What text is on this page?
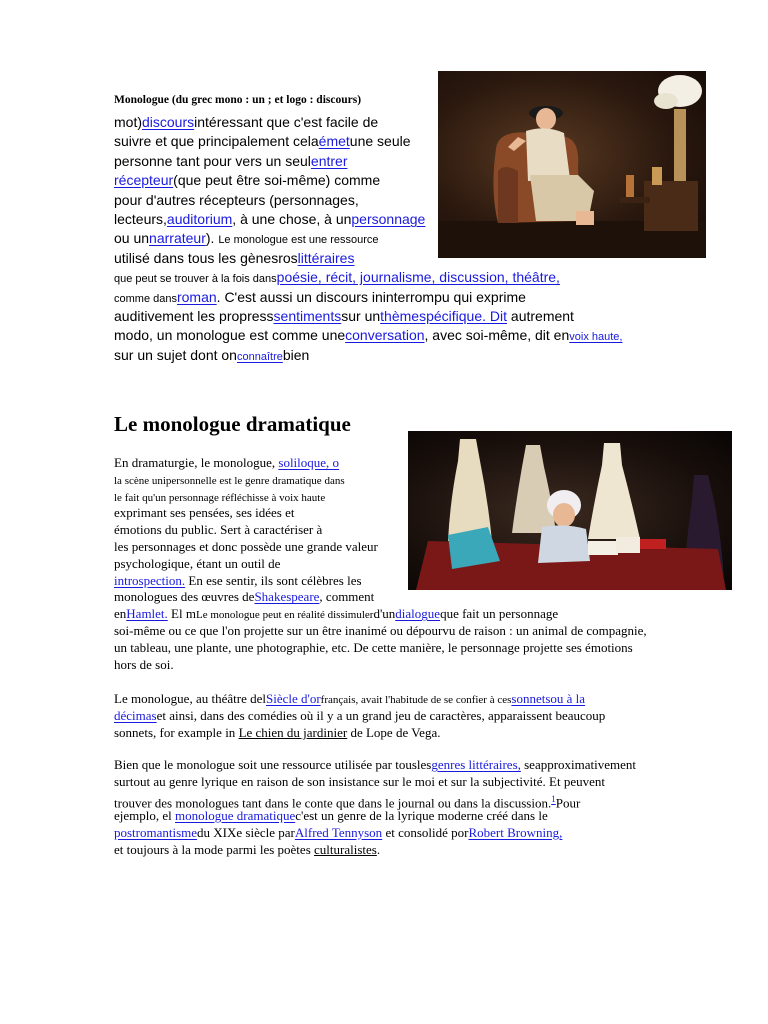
Monologue (du grec mono : un ; et logo : discours)
mot)discoursintéressant que c'est facile de
suivre et que principalement celaémetune seule
personne tant pour vers un seulentrer
récepteur(que peut être soi-même) comme
pour d'autres récepteurs (personnages,
lecteurs,auditorium, à une chose, à unpersonnage
ou unnarrateur). Le monologue est une ressource
utilisé dans tous les gènesroslittéraires
que peut se trouver à la fois danspoésie, récit, journalisme, discussion, théâtre,
comme dansroman. C'est aussi un discours ininterrompu qui exprime
auditivement les propresssentimentssur unthèmespécifique. Dit autrement
modo, un monologue est comme uneconversation, avec soi-même, dit envoix haute,
sur un sujet dont onconnaîtrebien
Le monologue dramatique
En dramaturgie, le monologue, soliloque, o
la scène unipersonnelle est le genre dramatique dans
le fait qu'un personnage réfléchisse à voix haute
exprimant ses pensées, ses idées et
émotions du public. Sert à caractériser à
les personnages et donc possède une grande valeur
psychologique, étant un outil de
introspection. En ese sentir, ils sont célèbres les
monologues des œuvres deShakespeare, comment
enHamlet. El mLe monologue peut en réalité dissimulerd'undialogueque fait un personnage
soi-même ou ce que l'on projette sur un être inanimé ou dépourvu de raison : un animal de compagnie,
un tableau, une plante, une photographie, etc. De cette manière, le personnage projette ses émotions
hors de soi.
Le monologue, au théâtre delSiècle d'orfrançais, avait l'habitude de se confier à cessonnetsou à la
décimaset ainsi, dans des comédies où il y a un grand jeu de caractères, apparaissent beaucoup
sonnets, for example in Le chien du jardinier de Lope de Vega.
Bien que le monologue soit une ressource utilisée par touslesgenres littéraires, seapproximativement
surtout au genre lyrique en raison de son insistance sur le moi et sur la subjectivité. Et peuvent
trouver des monologues tant dans le conte que dans le journal ou dans la discussion.$^1$Pour
ejemplo, el monologue dramatiquec'est un genre de la lyrique moderne créé dans le
postromantismedu XIXe siècle parAlfred Tennyson et consolidé porRobert Browning,
et toujours à la mode parmi les poètes culturalistes.
